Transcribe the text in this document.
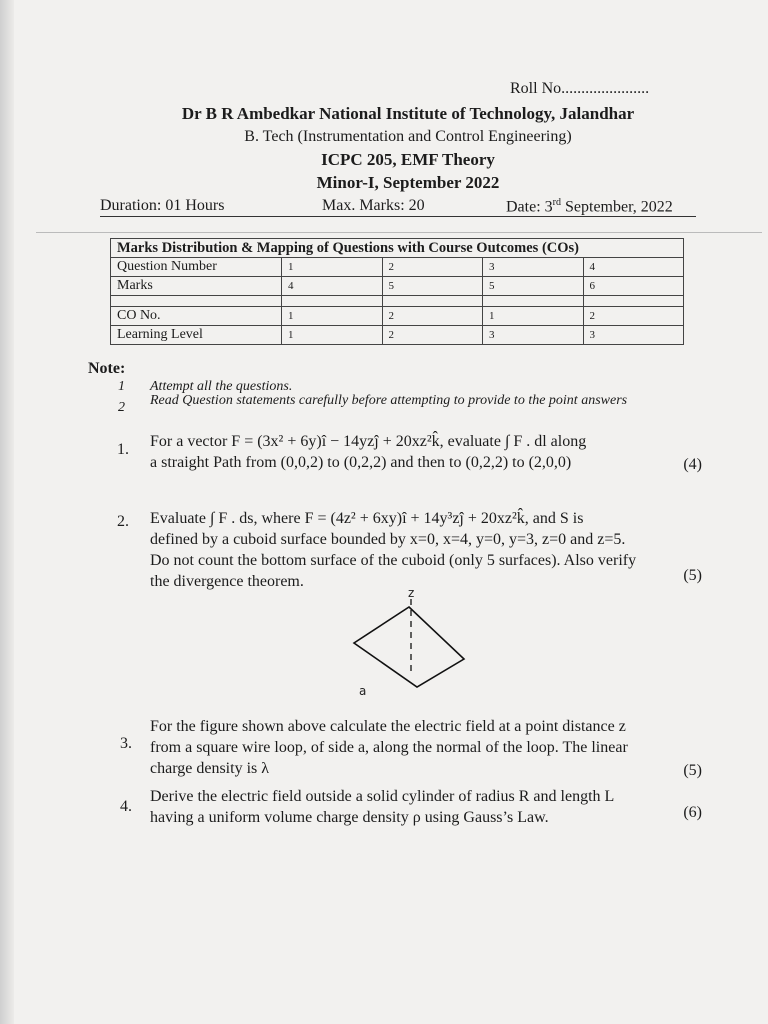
Roll No......................
Dr B R Ambedkar National Institute of Technology, Jalandhar
B. Tech (Instrumentation and Control Engineering)
ICPC 205, EMF Theory
Minor-I, September 2022
Duration: 01 Hours	Max. Marks: 20	Date: 3rd September, 2022
Marks Distribution & Mapping of Questions with Course Outcomes (COs)				
Question Number	1	2	3	4
Marks	4	5	5	6

CO No.	1	2	1	2
Learning Level	1	2	3	3
Note:
1 Attempt all the questions.
2 Read Question statements carefully before attempting to provide to the point answers
1. For a vector F = (3x² + 6y)î − 14yzĵ + 20xz²k̂, evaluate ∫ F . dl along
a straight Path from (0,0,2) to (0,2,2) and then to (0,2,2) to (2,0,0)	(4)
2. Evaluate ∫ F . ds, where F = (4z² + 6xy)î + 14y³zĵ + 20xz²k̂, and S is
defined by a cuboid surface bounded by x=0, x=4, y=0, y=3, z=0 and z=5.
Do not count the bottom surface of the cuboid (only 5 surfaces). Also verify
the divergence theorem.	(5)
z
a
3.
For the figure shown above calculate the electric field at a point distance z
from a square wire loop, of side a, along the normal of the loop. The linear
charge density is λ	(5)
4.
Derive the electric field outside a solid cylinder of radius R and length L
having a uniform volume charge density ρ using Gauss’s Law.	(6)
